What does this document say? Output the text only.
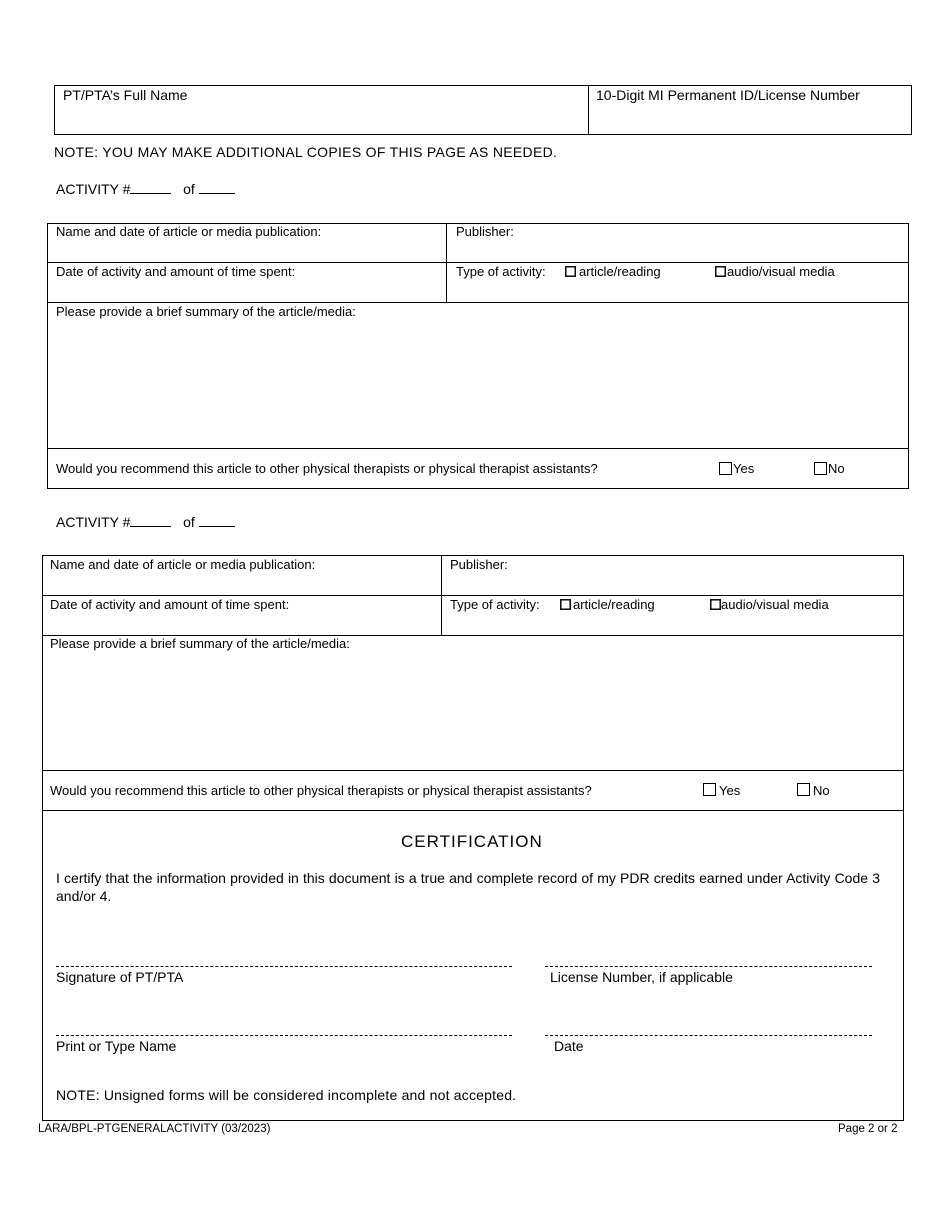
PT/PTA’s Full Name	10-Digit MI Permanent ID/License Number
NOTE: YOU MAY MAKE ADDITIONAL COPIES OF THIS PAGE AS NEEDED.
ACTIVITY #	of
Name and date of article or media publication:	Publisher:
Date of activity and amount of time spent:	Type of activity:	article/reading	audio/visual media
Please provide a brief summary of the article/media:
Would you recommend this article to other physical therapists or physical therapist assistants?	Yes	No
ACTIVITY #	of
Name and date of article or media publication:	Publisher:
Date of activity and amount of time spent:	Type of activity:	article/reading	audio/visual media
Please provide a brief summary of the article/media:
Would you recommend this article to other physical therapists or physical therapist assistants?	Yes	No
CERTIFICATION
I certify that the information provided in this document is a true and complete record of my PDR credits earned under Activity Code 3 and/or 4.
Signature of PT/PTA	License Number, if applicable
Print or Type Name	Date
NOTE: Unsigned forms will be considered incomplete and not accepted.
LARA/BPL-PTGENERALACTIVITY (03/2023)	Page 2 or 2
